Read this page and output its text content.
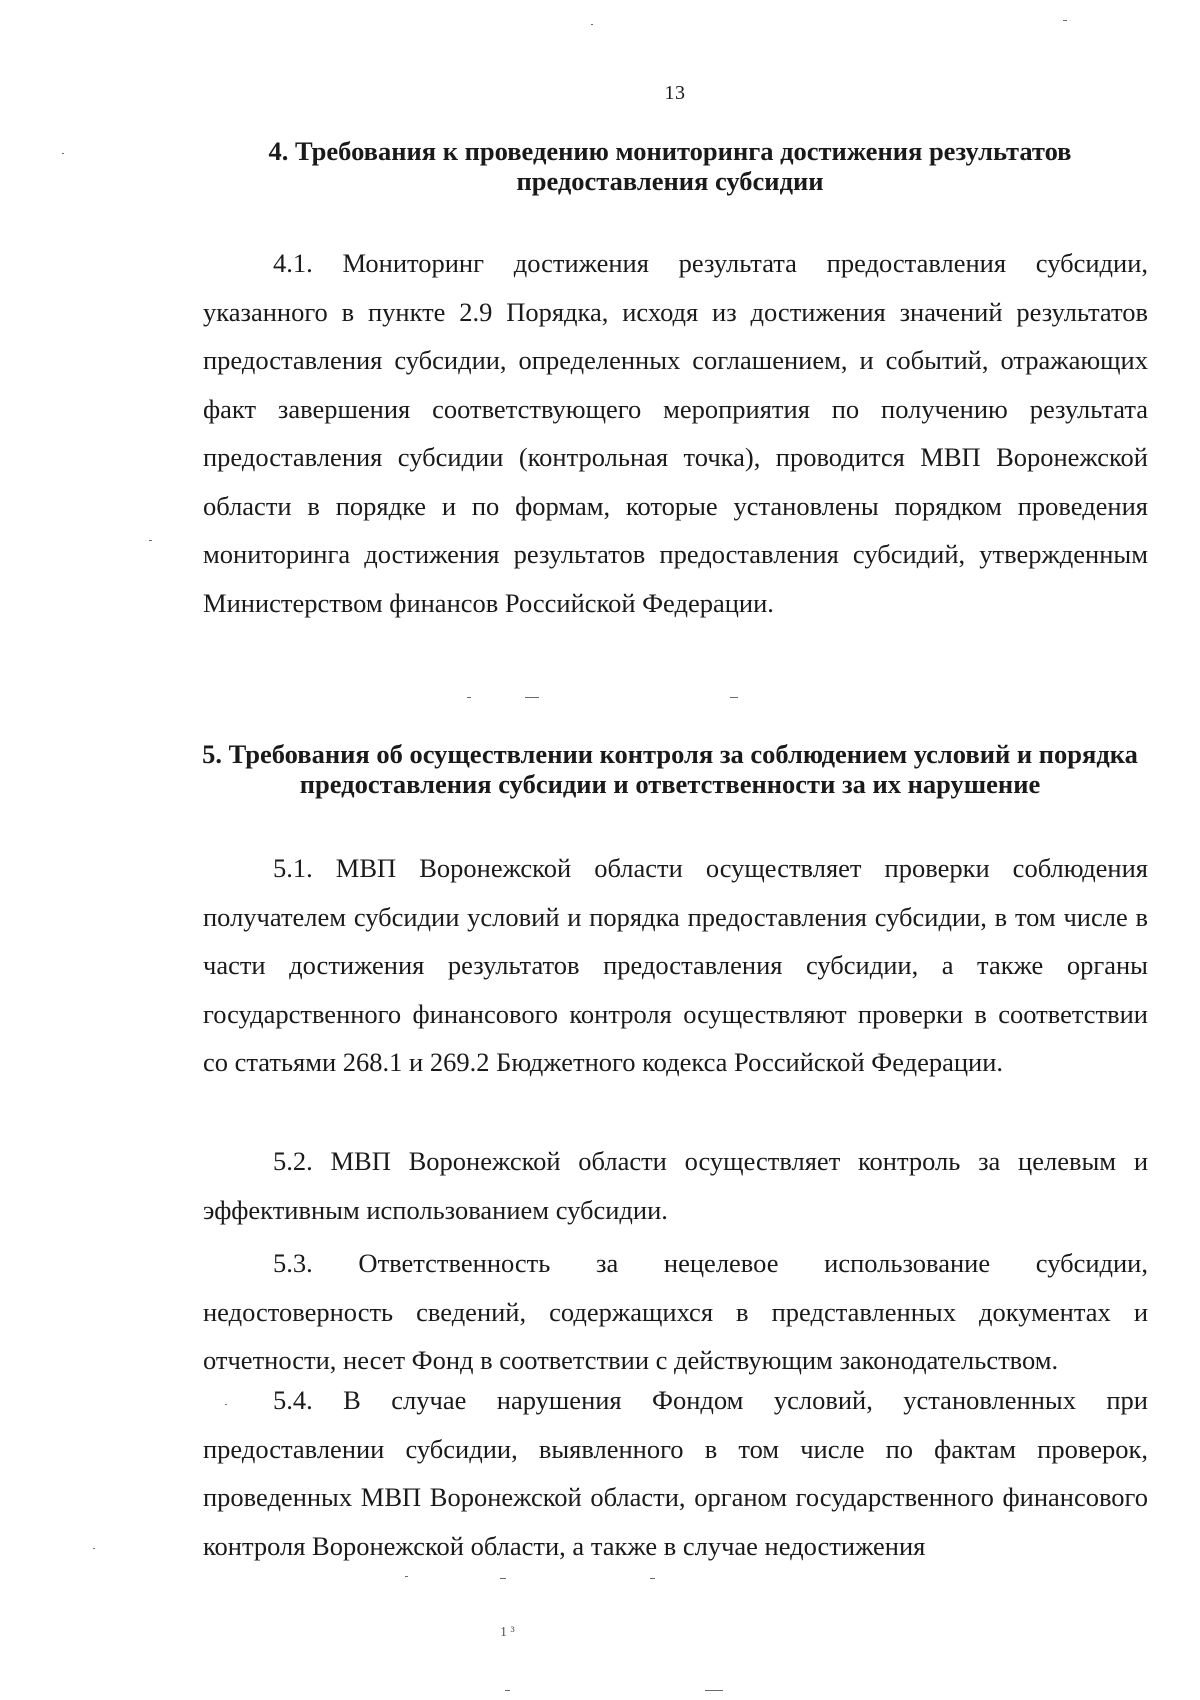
13
4. Требования к проведению мониторинга достижения результатов предоставления субсидии

4.1. Мониторинг достижения результата предоставления субсидии, указанного в пункте 2.9 Порядка, исходя из достижения значений результатов предоставления субсидии, определенных соглашением, и событий, отражающих факт завершения соответствующего мероприятия по получению результата предоставления субсидии (контрольная точка), проводится МВП Воронежской области в порядке и по формам, которые установлены порядком проведения мониторинга достижения результатов предоставления субсидий, утвержденным Министерством финансов Российской Федерации.

5. Требования об осуществлении контроля за соблюдением условий и порядка предоставления субсидии и ответственности за их нарушение

5.1. МВП Воронежской области осуществляет проверки соблюдения получателем субсидии условий и порядка предоставления субсидии, в том числе в части достижения результатов предоставления субсидии, а также органы государственного финансового контроля осуществляют проверки в соответствии со статьями 268.1 и 269.2 Бюджетного кодекса Российской Федерации.

5.2. МВП Воронежской области осуществляет контроль за целевым и эффективным использованием субсидии.

5.3. Ответственность за нецелевое использование субсидии, недостоверность сведений, содержащихся в представленных документах и отчетности, несет Фонд в соответствии с действующим законодательством.

5.4. В случае нарушения Фондом условий, установленных при предоставлении субсидии, выявленного в том числе по фактам проверок, проведенных МВП Воронежской области, органом государственного финансового контроля Воронежской области, а также в случае недостижения

1 ³
